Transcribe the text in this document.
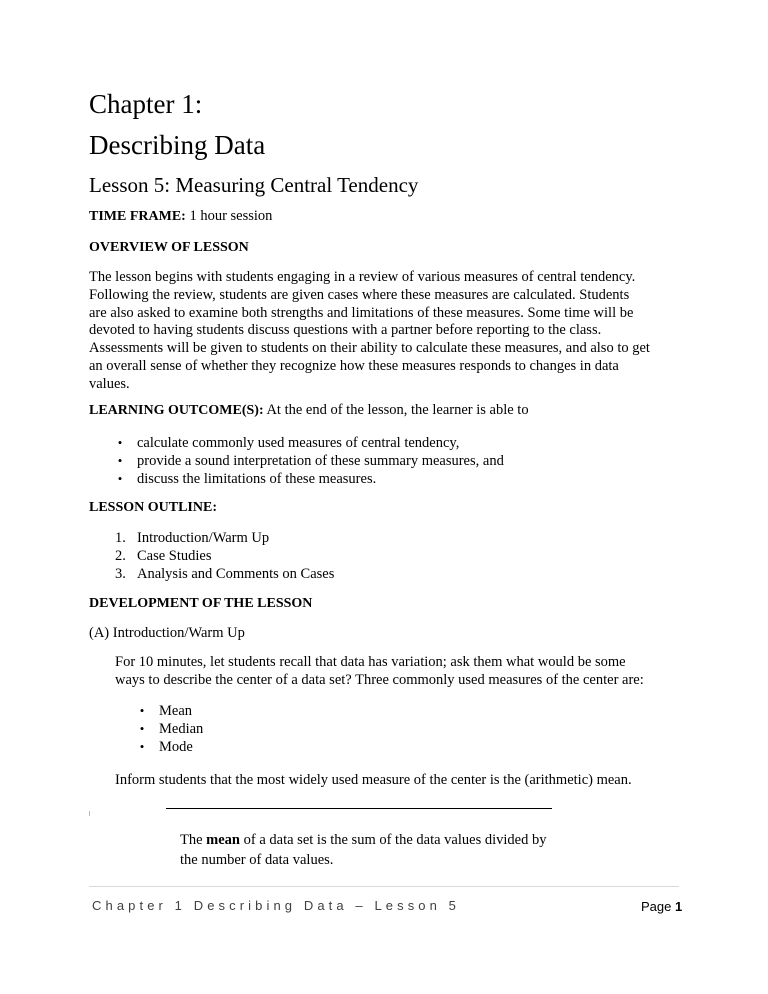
Chapter 1:
Describing Data
Lesson 5: Measuring Central Tendency
TIME FRAME: 1 hour session
OVERVIEW OF LESSON
The lesson begins with students engaging in a review of various measures of central tendency.
Following the review, students are given cases where these measures are calculated. Students
are also asked to examine both strengths and limitations of these measures. Some time will be
devoted to having students discuss questions with a partner before reporting to the class.
Assessments will be given to students on their ability to calculate these measures, and also to get
an overall sense of whether they recognize how these measures responds to changes in data
values.
LEARNING OUTCOME(S): At the end of the lesson, the learner is able to
• calculate commonly used measures of central tendency,
• provide a sound interpretation of these summary measures, and
• discuss the limitations of these measures.
LESSON OUTLINE:
1. Introduction/Warm Up
2. Case Studies
3. Analysis and Comments on Cases
DEVELOPMENT OF THE LESSON
(A) Introduction/Warm Up
For 10 minutes, let students recall that data has variation; ask them what would be some
ways to describe the center of a data set? Three commonly used measures of the center are:
• Mean
• Median
• Mode
Inform students that the most widely used measure of the center is the (arithmetic) mean.
The mean of a data set is the sum of the data values divided by
the number of data values.
Chapter 1 Describing Data – Lesson 5	Page 1
